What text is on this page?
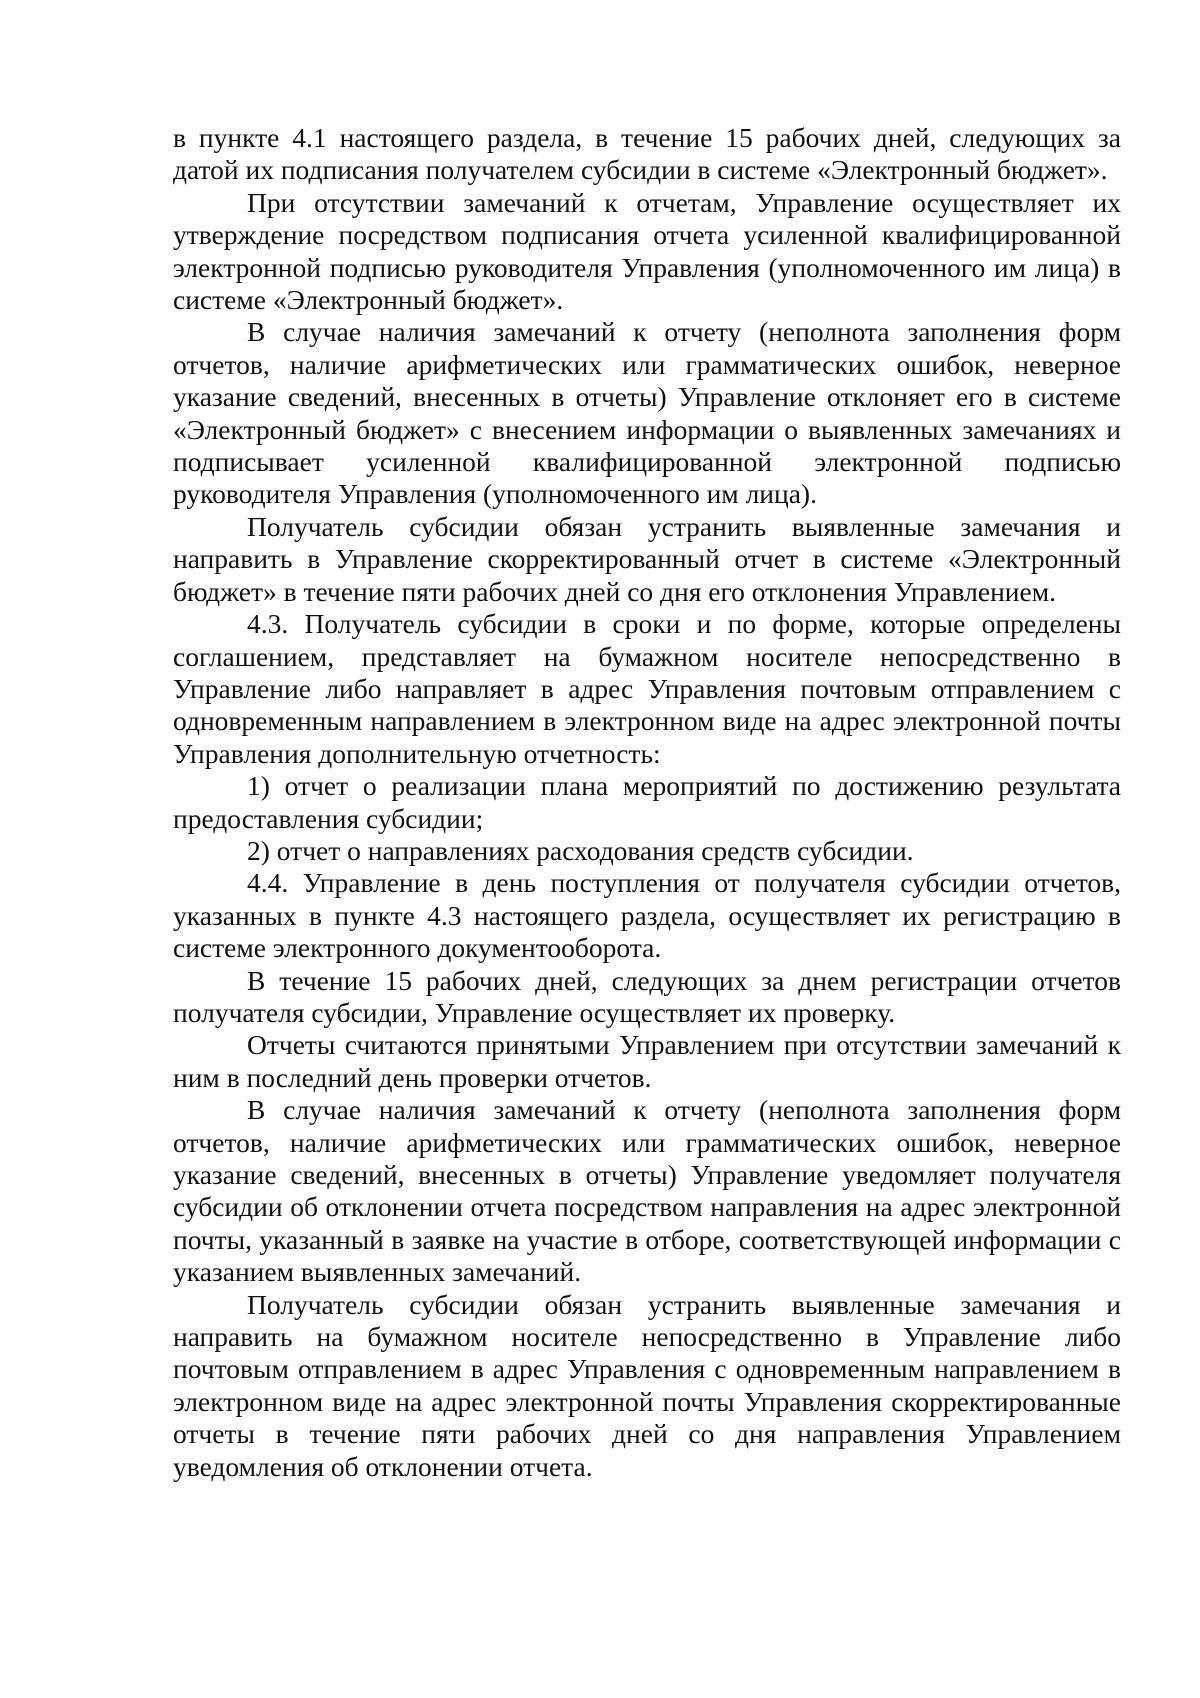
в пункте 4.1 настоящего раздела, в течение 15 рабочих дней, следующих за датой их подписания получателем субсидии в системе «Электронный бюджет».

При отсутствии замечаний к отчетам, Управление осуществляет их утверждение посредством подписания отчета усиленной квалифицированной электронной подписью руководителя Управления (уполномоченного им лица) в системе «Электронный бюджет».

В случае наличия замечаний к отчету (неполнота заполнения форм отчетов, наличие арифметических или грамматических ошибок, неверное указание сведений, внесенных в отчеты) Управление отклоняет его в системе «Электронный бюджет» с внесением информации о выявленных замечаниях и подписывает усиленной квалифицированной электронной подписью руководителя Управления (уполномоченного им лица).

Получатель субсидии обязан устранить выявленные замечания и направить в Управление скорректированный отчет в системе «Электронный бюджет» в течение пяти рабочих дней со дня его отклонения Управлением.

4.3. Получатель субсидии в сроки и по форме, которые определены соглашением, представляет на бумажном носителе непосредственно в Управление либо направляет в адрес Управления почтовым отправлением с одновременным направлением в электронном виде на адрес электронной почты Управления дополнительную отчетность:

1) отчет о реализации плана мероприятий по достижению результата предоставления субсидии;

2) отчет о направлениях расходования средств субсидии.

4.4. Управление в день поступления от получателя субсидии отчетов, указанных в пункте 4.3 настоящего раздела, осуществляет их регистрацию в системе электронного документооборота.

В течение 15 рабочих дней, следующих за днем регистрации отчетов получателя субсидии, Управление осуществляет их проверку.

Отчеты считаются принятыми Управлением при отсутствии замечаний к ним в последний день проверки отчетов.

В случае наличия замечаний к отчету (неполнота заполнения форм отчетов, наличие арифметических или грамматических ошибок, неверное указание сведений, внесенных в отчеты) Управление уведомляет получателя субсидии об отклонении отчета посредством направления на адрес электронной почты, указанный в заявке на участие в отборе, соответствующей информации с указанием выявленных замечаний.

Получатель субсидии обязан устранить выявленные замечания и направить на бумажном носителе непосредственно в Управление либо почтовым отправлением в адрес Управления с одновременным направлением в электронном виде на адрес электронной почты Управления скорректированные отчеты в течение пяти рабочих дней со дня направления Управлением уведомления об отклонении отчета.
